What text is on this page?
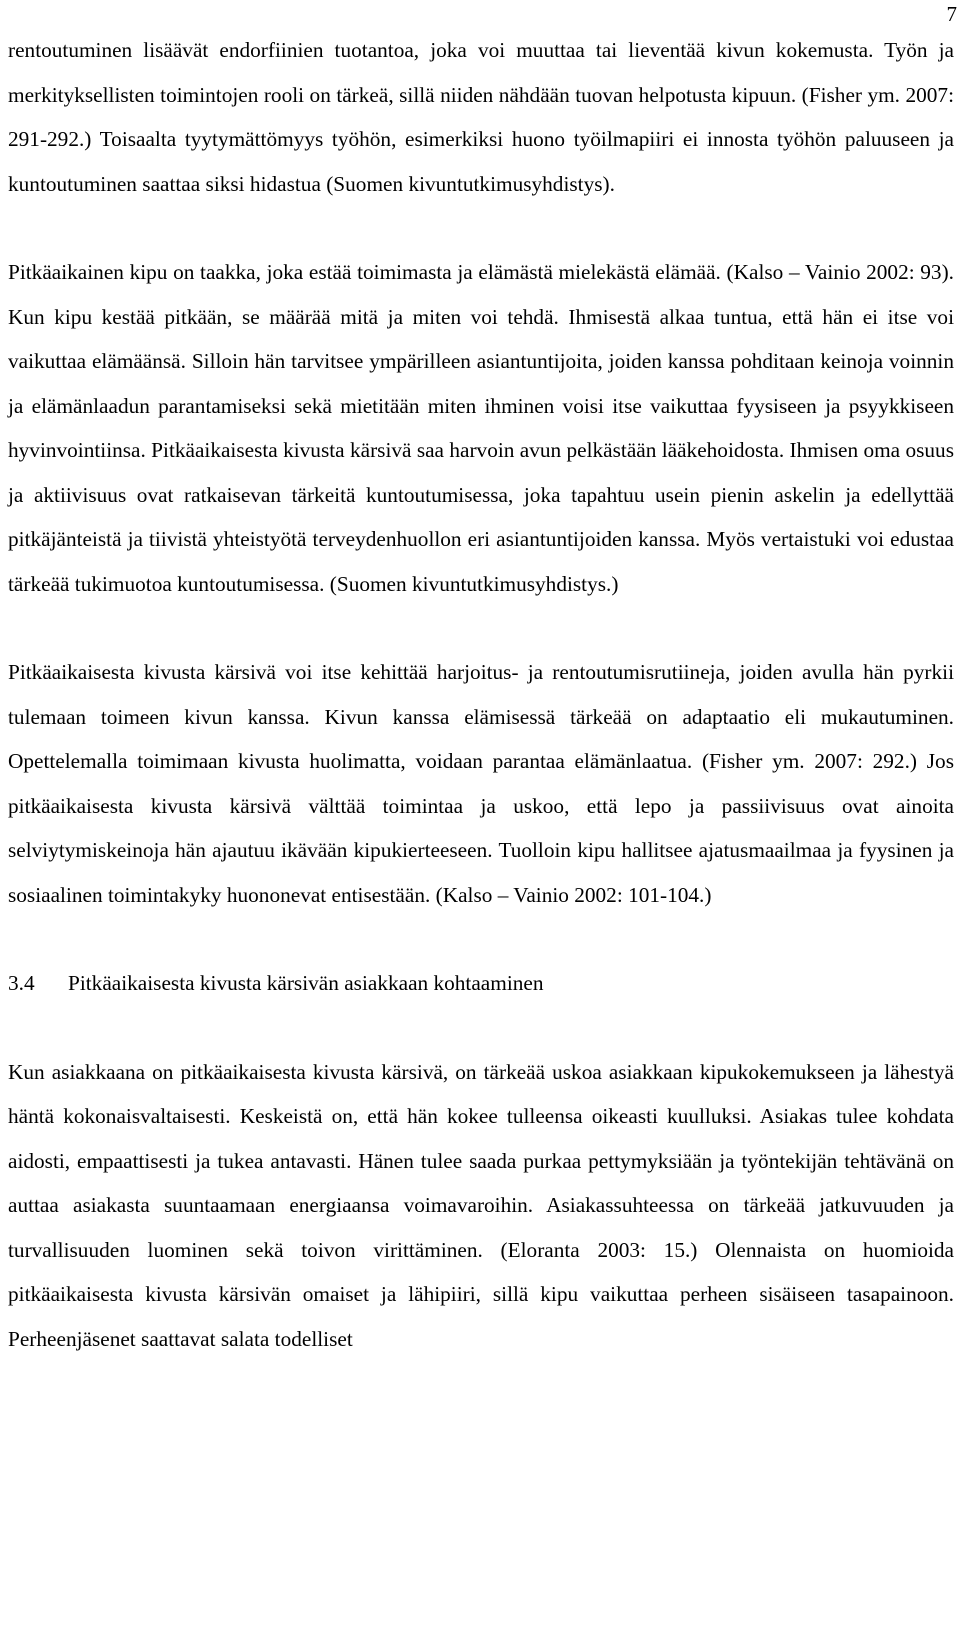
7

rentoutuminen lisäävät endorfiinien tuotantoa, joka voi muuttaa tai lieventää kivun kokemusta. Työn ja merkityksellisten toimintojen rooli on tärkeä, sillä niiden nähdään tuovan helpotusta kipuun. (Fisher ym. 2007: 291-292.) Toisaalta tyytymättömyys työhön, esimerkiksi huono työilmapiiri ei innosta työhön paluuseen ja kuntoutuminen saattaa siksi hidastua (Suomen kivuntutkimusyhdistys).

Pitkäaikainen kipu on taakka, joka estää toimimasta ja elämästä mielekästä elämää. (Kalso – Vainio 2002: 93). Kun kipu kestää pitkään, se määrää mitä ja miten voi tehdä. Ihmisestä alkaa tuntua, että hän ei itse voi vaikuttaa elämäänsä. Silloin hän tarvitsee ympärilleen asiantuntijoita, joiden kanssa pohditaan keinoja voinnin ja elämänlaadun parantamiseksi sekä mietitään miten ihminen voisi itse vaikuttaa fyysiseen ja psyykkiseen hyvinvointiinsa. Pitkäaikaisesta kivusta kärsivä saa harvoin avun pelkästään lääkehoidosta. Ihmisen oma osuus ja aktiivisuus ovat ratkaisevan tärkeitä kuntoutumisessa, joka tapahtuu usein pienin askelin ja edellyttää pitkäjänteistä ja tiivistä yhteistyötä terveydenhuollon eri asiantuntijoiden kanssa. Myös vertaistuki voi edustaa tärkeää tukimuotoa kuntoutumisessa. (Suomen kivuntutkimusyhdistys.)

Pitkäaikaisesta kivusta kärsivä voi itse kehittää harjoitus- ja rentoutumisrutiineja, joiden avulla hän pyrkii tulemaan toimeen kivun kanssa. Kivun kanssa elämisessä tärkeää on adaptaatio eli mukautuminen. Opettelemalla toimimaan kivusta huolimatta, voidaan parantaa elämänlaatua. (Fisher ym. 2007: 292.) Jos pitkäaikaisesta kivusta kärsivä välttää toimintaa ja uskoo, että lepo ja passiivisuus ovat ainoita selviytymiskeinoja hän ajautuu ikävään kipukierteeseen. Tuolloin kipu hallitsee ajatusmaailmaa ja fyysinen ja sosiaalinen toimintakyky huononevat entisestään. (Kalso – Vainio 2002: 101-104.)

3.4 Pitkäaikaisesta kivusta kärsivän asiakkaan kohtaaminen

Kun asiakkaana on pitkäaikaisesta kivusta kärsivä, on tärkeää uskoa asiakkaan kipukokemukseen ja lähestyä häntä kokonaisvaltaisesti. Keskeistä on, että hän kokee tulleensa oikeasti kuulluksi. Asiakas tulee kohdata aidosti, empaattisesti ja tukea antavasti. Hänen tulee saada purkaa pettymyksiään ja työntekijän tehtävänä on auttaa asiakasta suuntaamaan energiaansa voimavaroihin. Asiakassuhteessa on tärkeää jatkuvuuden ja turvallisuuden luominen sekä toivon virittäminen. (Eloranta 2003: 15.) Olennaista on huomioida pitkäaikaisesta kivusta kärsivän omaiset ja lähipiiri, sillä kipu vaikuttaa perheen sisäiseen tasapainoon. Perheenjäsenet saattavat salata todelliset
